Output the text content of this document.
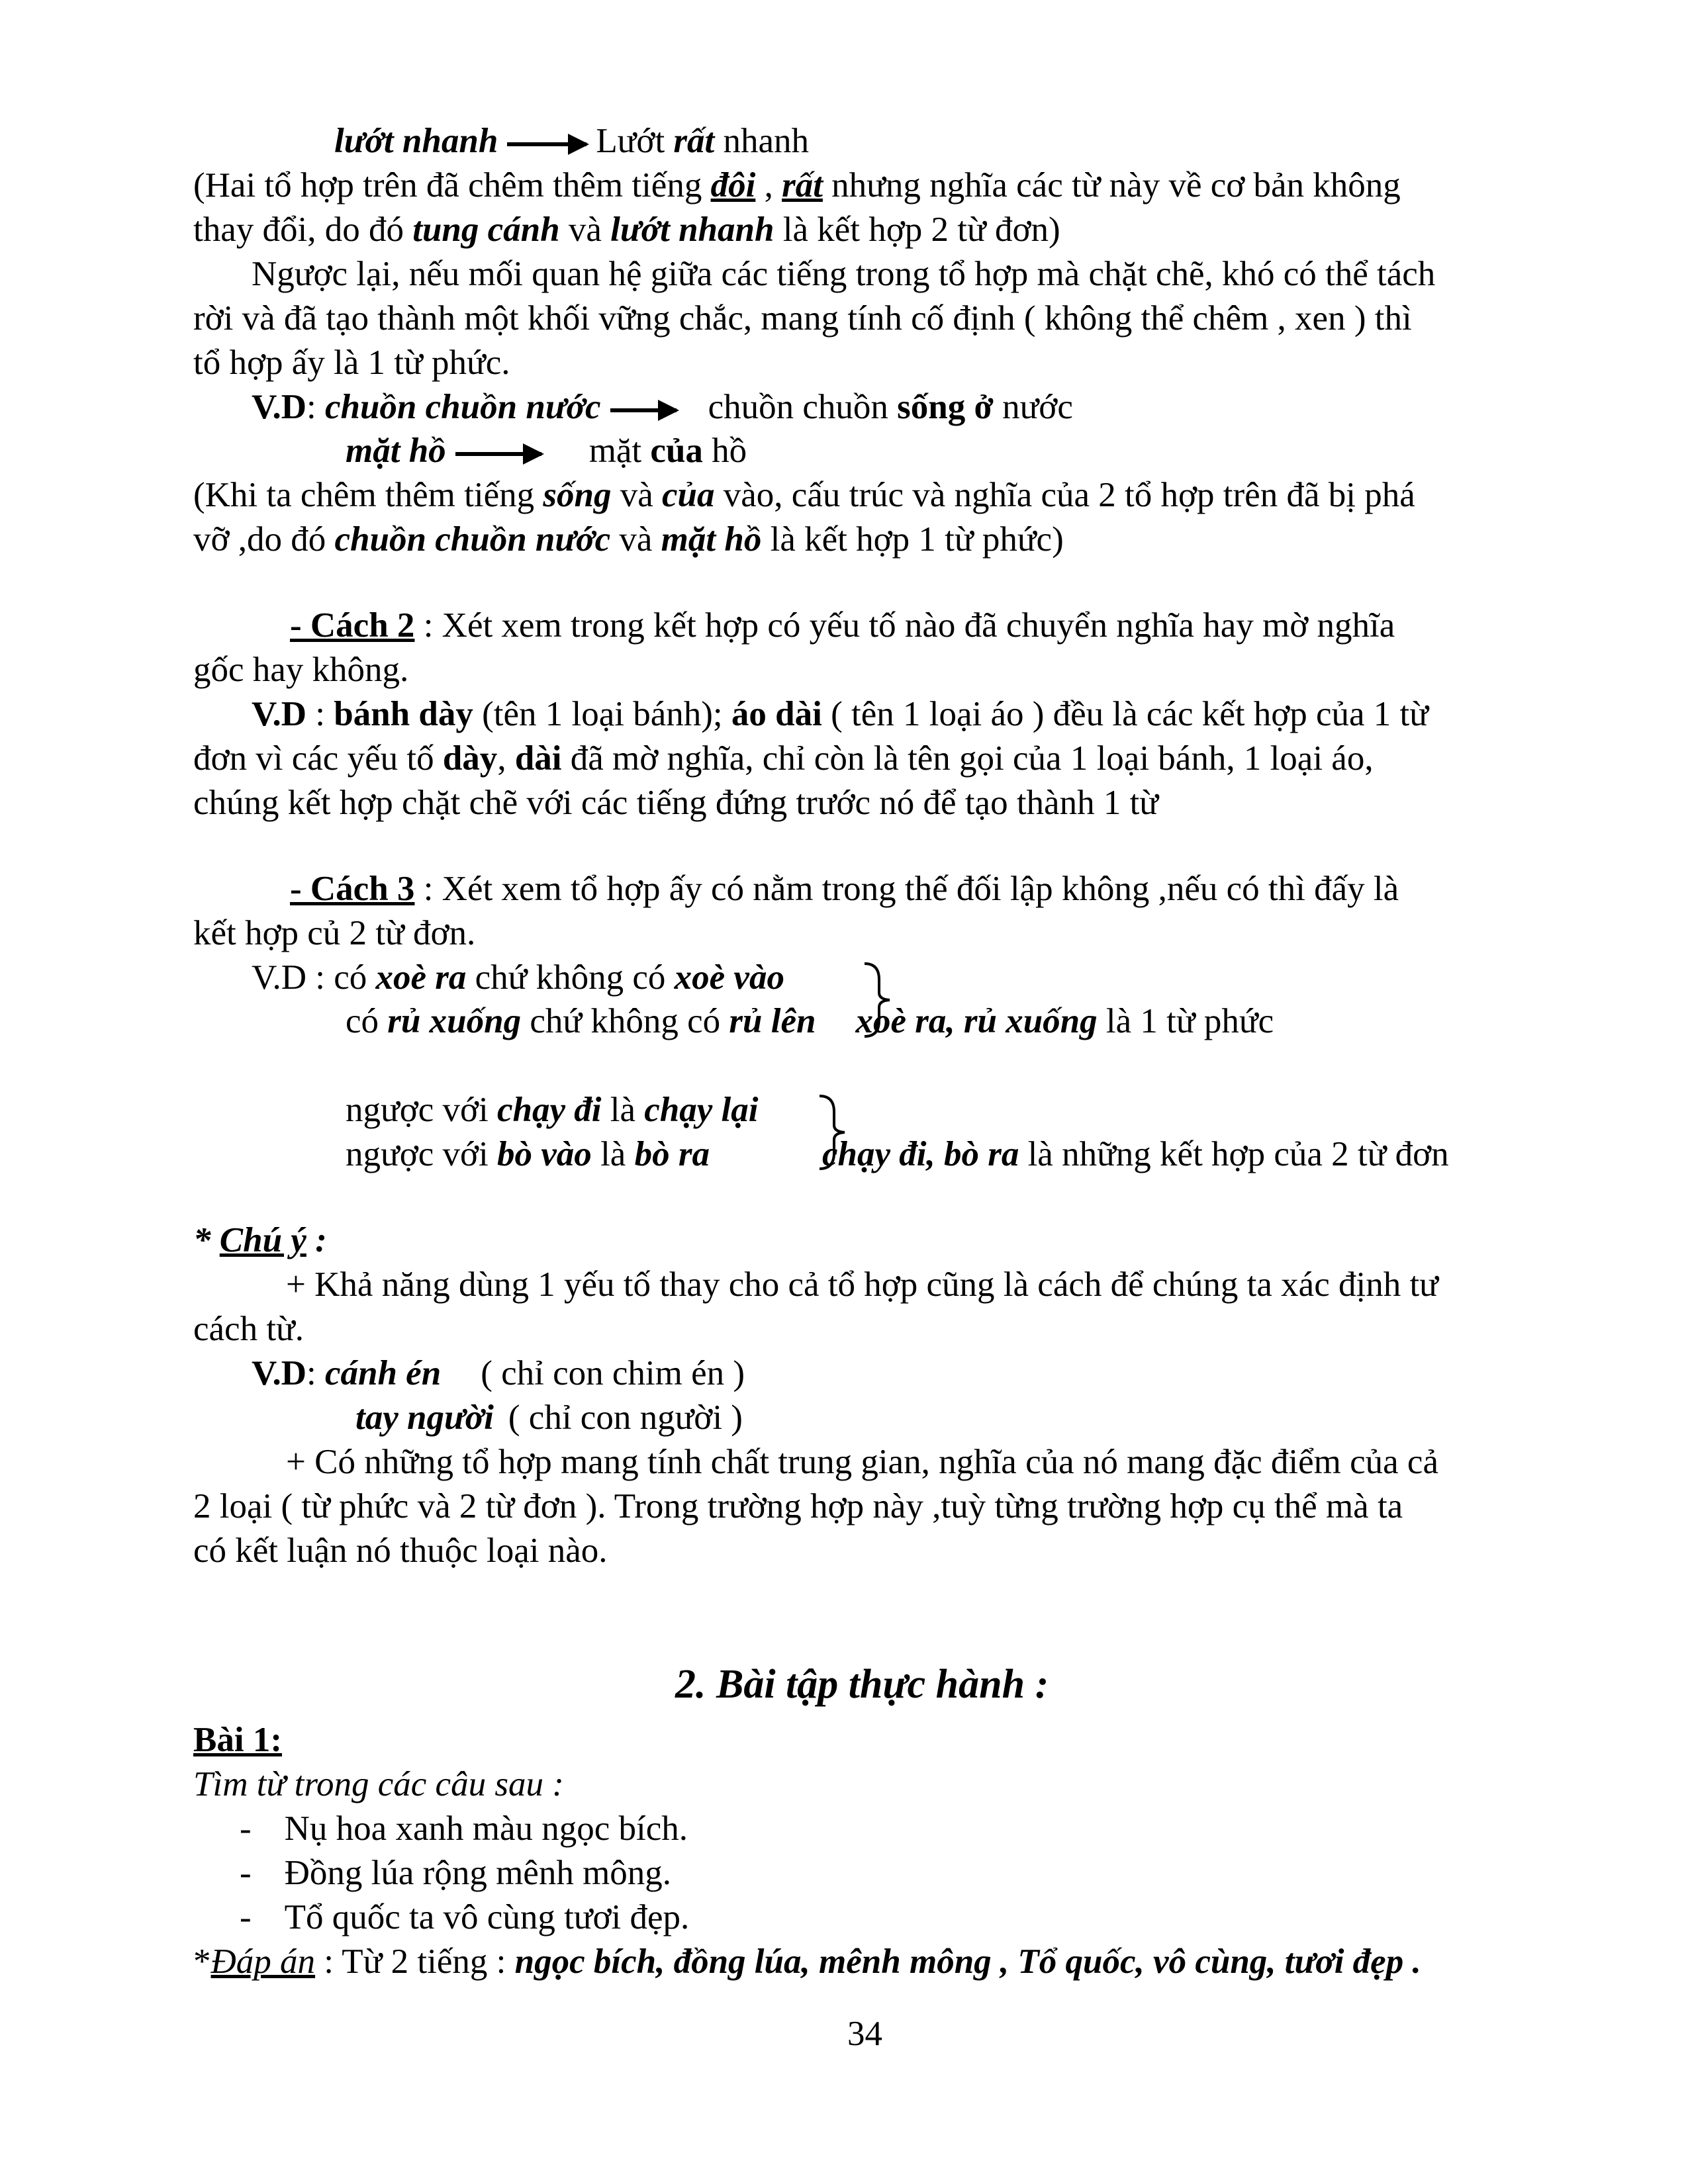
lướt nhanh	Lướt rất nhanh
(Hai tổ hợp trên đã chêm thêm tiếng đôi , rất nhưng nghĩa các từ này về cơ bản không
thay đổi, do đó tung cánh và lướt nhanh là kết hợp 2 từ đơn)
Ngược lại, nếu mối quan hệ giữa các tiếng trong tổ hợp mà chặt chẽ, khó có thể tách
rời và đã tạo thành một khối vững chắc, mang tính cố định ( không thể chêm , xen ) thì
tổ hợp ấy là 1 từ phức.
V.D: chuồn chuồn nước	chuồn chuồn sống ở nước
mặt hồ	mặt của hồ
(Khi ta chêm thêm tiếng sống và của vào, cấu trúc và nghĩa của 2 tổ hợp trên đã bị phá
vỡ ,do đó chuồn chuồn nước và mặt hồ là kết hợp 1 từ phức)
- Cách 2 : Xét xem trong kết hợp có yếu tố nào đã chuyển nghĩa hay mờ nghĩa
gốc hay không.
V.D : bánh dày (tên 1 loại bánh); áo dài ( tên 1 loại áo ) đều là các kết hợp của 1 từ
đơn vì các yếu tố dày, dài đã mờ nghĩa, chỉ còn là tên gọi của 1 loại bánh, 1 loại áo,
chúng kết hợp chặt chẽ với các tiếng đứng trước nó để tạo thành 1 từ
- Cách 3 : Xét xem tổ hợp ấy có nằm trong thế đối lập không ,nếu có thì đấy là
kết hợp củ 2 từ đơn.
V.D : có xoè ra chứ không có xoè vào
có rủ xuống chứ không có rủ lên xoè ra, rủ xuống là 1 từ phức
ngược với chạy đi là chạy lại
ngược với bò vào là bò ra	chạy đi, bò ra là những kết hợp của 2 từ đơn
* Chú ý :
+ Khả năng dùng 1 yếu tố thay cho cả tổ hợp cũng là cách để chúng ta xác định tư
cách từ.
V.D: cánh én ( chỉ con chim én )
tay người ( chỉ con người )
+ Có những tổ hợp mang tính chất trung gian, nghĩa của nó mang đặc điểm của cả
2 loại ( từ phức và 2 từ đơn ). Trong trường hợp này ,tuỳ từng trường hợp cụ thể mà ta
có kết luận nó thuộc loại nào.
2. Bài tập thực hành :
Bài 1:
Tìm từ trong các câu sau :
- Nụ hoa xanh màu ngọc bích.
- Đồng lúa rộng mênh mông.
- Tổ quốc ta vô cùng tươi đẹp.
*Đáp án : Từ 2 tiếng : ngọc bích, đồng lúa, mênh mông , Tổ quốc, vô cùng, tươi đẹp .
34
